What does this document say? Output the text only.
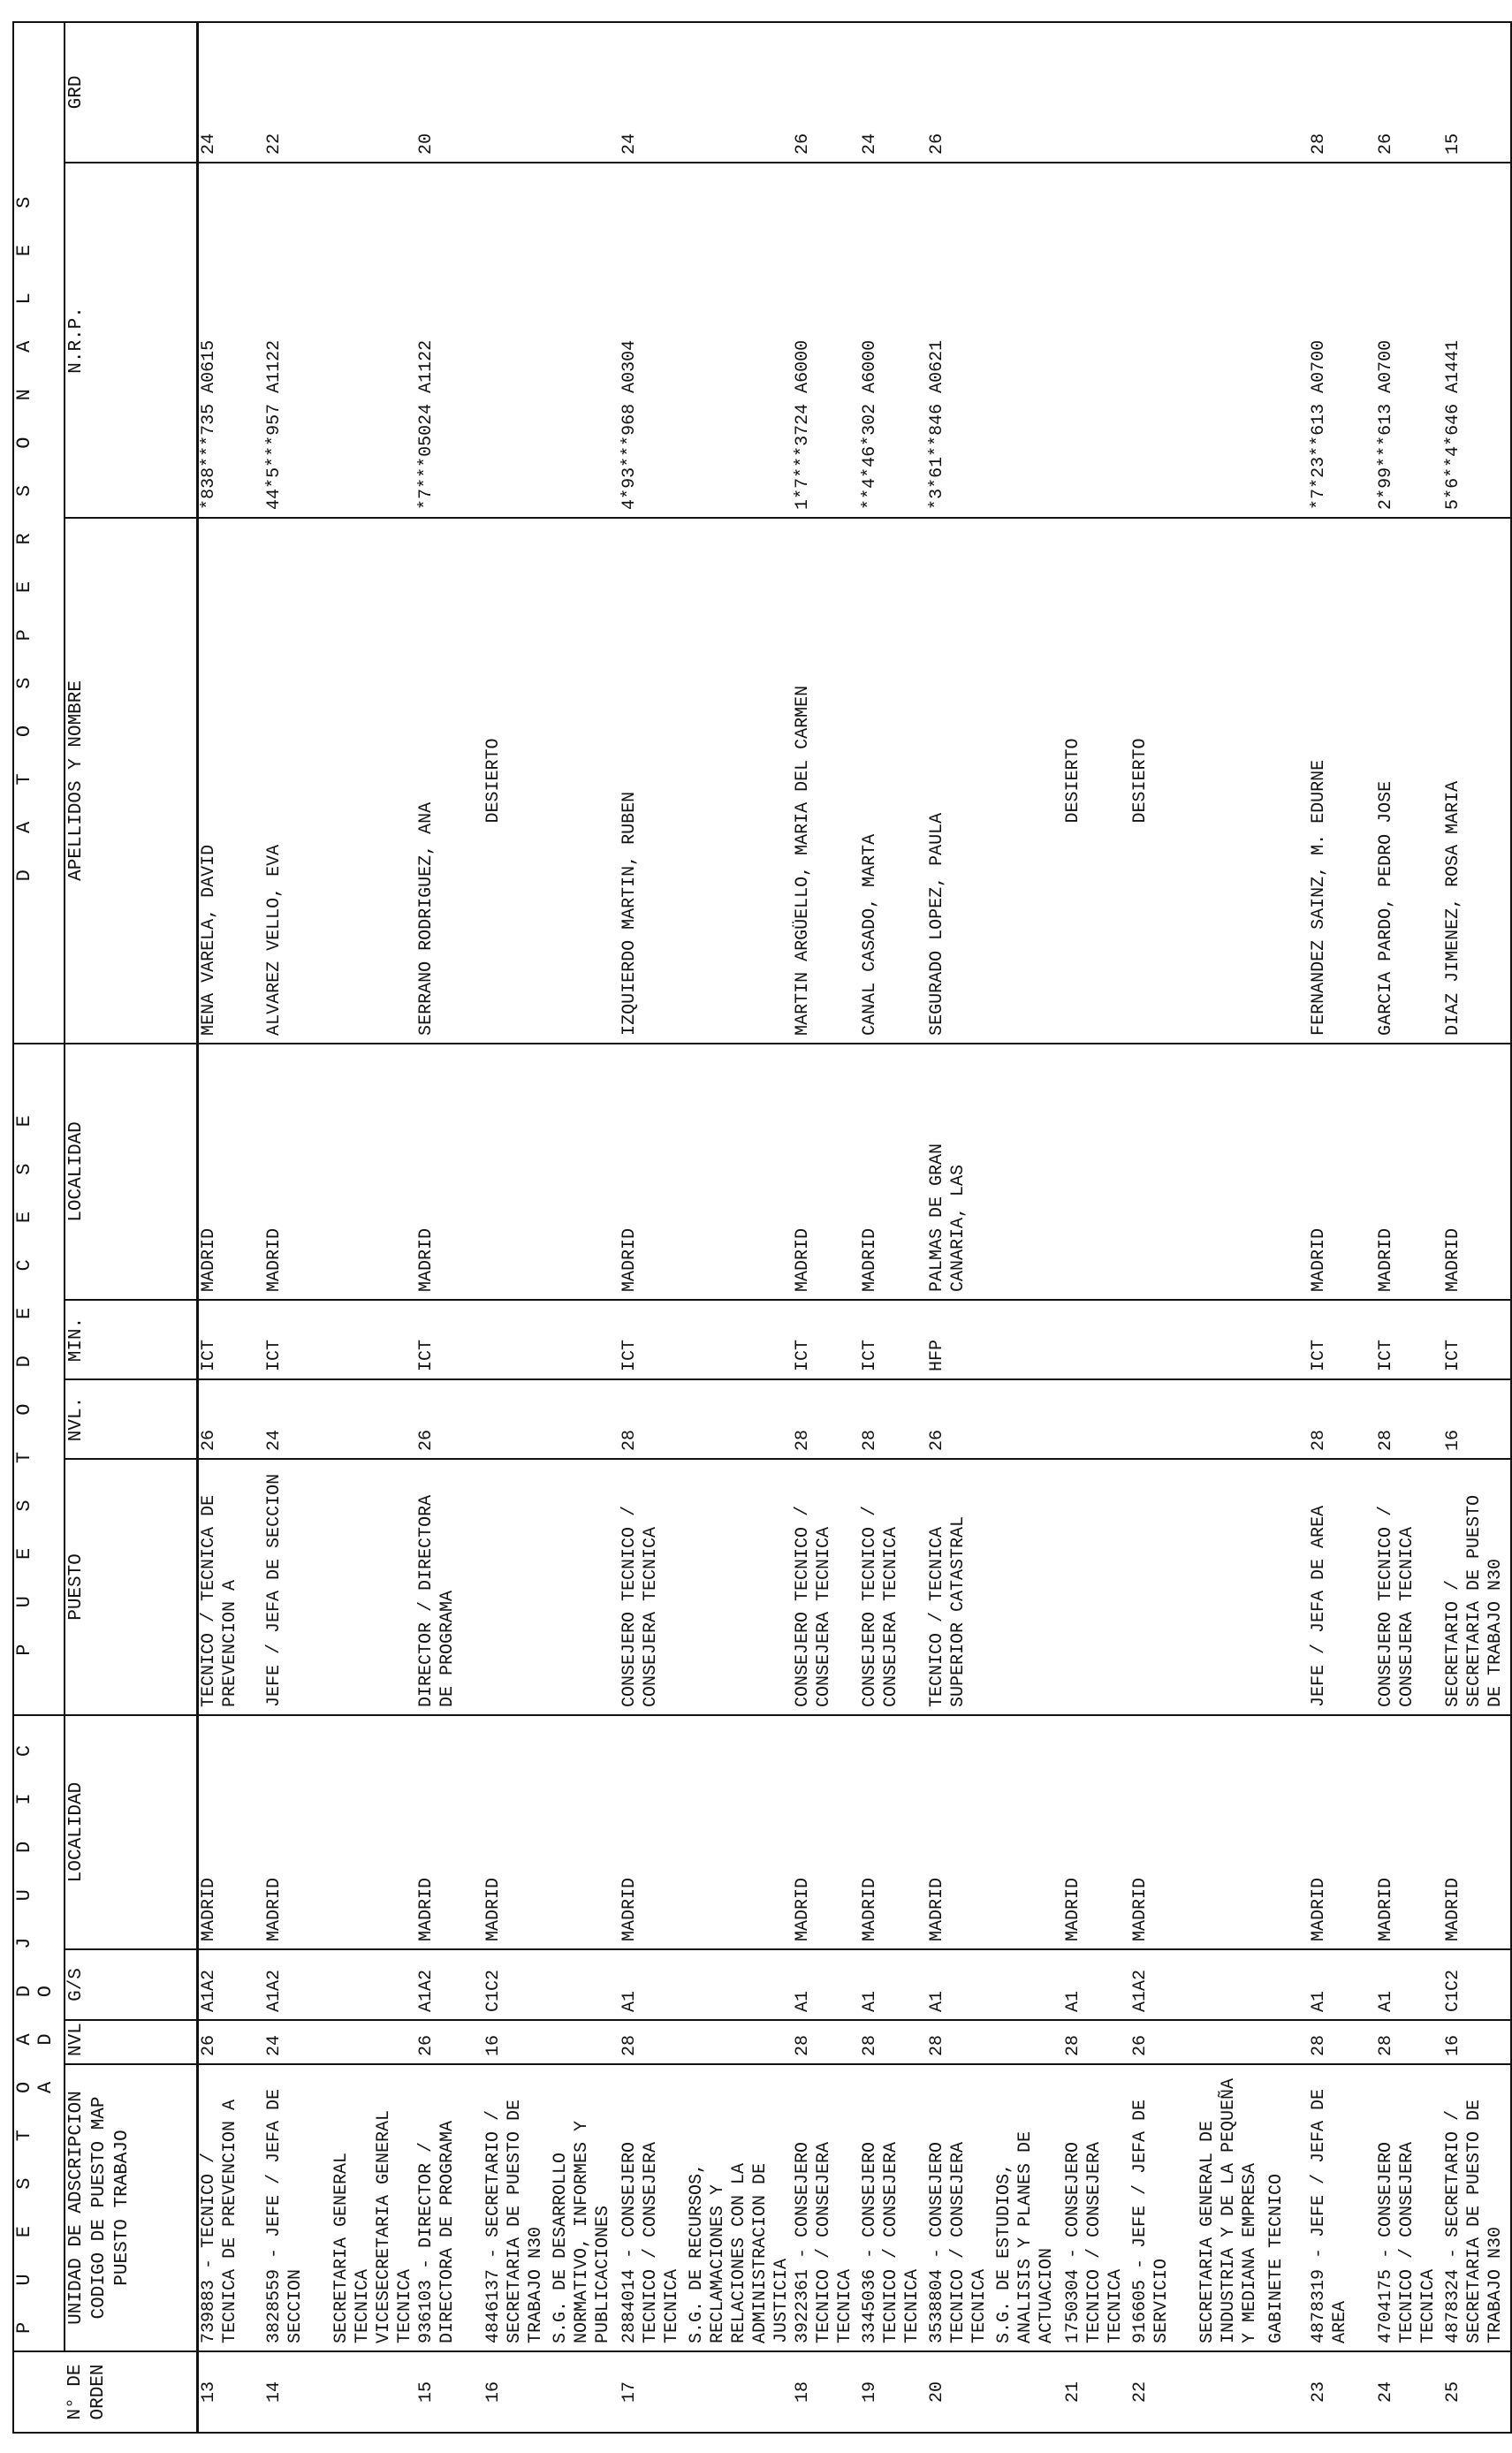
	P U E S T O A D J U D I C A D O				P U E S T O D E C E S E				D A T O S P E R S O N A L E S		
N° DE ORDEN	UNIDAD DE ADSCRIPCION CODIGO DE PUESTO MAP PUESTO TRABAJO	NVL	G/S	LOCALIDAD	PUESTO	NVL.	MIN.	LOCALIDAD	APELLIDOS Y NOMBRE	N.R.P.	GRD
13	739883 - TECNICO / TECNICA DE PREVENCION A	26	A1A2	MADRID	TECNICO / TECNICA DE PREVENCION A	26	ICT	MADRID	MENA VARELA, DAVID	*838***735 A0615	24
14	3828559 - JEFE / JEFA DE SECCION	24	A1A2	MADRID	JEFE / JEFA DE SECCION	24	ICT	MADRID	ALVAREZ VELLO, EVA	44*5***957 A1122	22
	SECRETARIA GENERAL TECNICA										
	VICESECRETARIA GENERAL TECNICA										
15	936103 - DIRECTOR / DIRECTORA DE PROGRAMA	26	A1A2	MADRID	DIRECTOR / DIRECTORA DE PROGRAMA	26	ICT	MADRID	SERRANO RODRIGUEZ, ANA	*7***05024 A1122	20
16	4846137 - SECRETARIO / SECRETARIA DE PUESTO DE TRABAJO N30	16	C1C2	MADRID					DESIERTO		
	S.G. DE DESARROLLO NORMATIVO, INFORMES Y PUBLICACIONES										
17	2884014 - CONSEJERO TECNICO / CONSEJERA TECNICA	28	A1	MADRID	CONSEJERO TECNICO / CONSEJERA TECNICA	28	ICT	MADRID	IZQUIERDO MARTIN, RUBEN	4*93***968 A0304	24
	S.G. DE RECURSOS, RECLAMACIONES Y RELACIONES CON LA ADMINISTRACION DE JUSTICIA										
18	3922361 - CONSEJERO TECNICO / CONSEJERA TECNICA	28	A1	MADRID	CONSEJERO TECNICO / CONSEJERA TECNICA	28	ICT	MADRID	MARTIN ARGÜELLO, MARIA DEL CARMEN	1*7***3724 A6000	26
19	3345036 - CONSEJERO TECNICO / CONSEJERA TECNICA	28	A1	MADRID	CONSEJERO TECNICO / CONSEJERA TECNICA	28	ICT	MADRID	CANAL CASADO, MARTA	**4*46*302 A6000	24
20	3538804 - CONSEJERO TECNICO / CONSEJERA TECNICA	28	A1	MADRID	TECNICO / TECNICA SUPERIOR CATASTRAL	26	HFP	PALMAS DE GRAN CANARIA, LAS	SEGURADO LOPEZ, PAULA	*3*61**846 A0621	26
	S.G. DE ESTUDIOS, ANALISIS Y PLANES DE ACTUACION										
21	1750304 - CONSEJERO TECNICO / CONSEJERA TECNICA	28	A1	MADRID					DESIERTO		
22	916605 - JEFE / JEFA DE SERVICIO	26	A1A2	MADRID					DESIERTO		
	SECRETARIA GENERAL DE INDUSTRIA Y DE LA PEQUEÑA Y MEDIANA EMPRESA										
	GABINETE TECNICO										
23	4878319 - JEFE / JEFA DE AREA	28	A1	MADRID	JEFE / JEFA DE AREA	28	ICT	MADRID	FERNANDEZ SAINZ, M. EDURNE	*7*23**613 A0700	28
24	4704175 - CONSEJERO TECNICO / CONSEJERA TECNICA	28	A1	MADRID	CONSEJERO TECNICO / CONSEJERA TECNICA	28	ICT	MADRID	GARCIA PARDO, PEDRO JOSE	2*99***613 A0700	26
25	4878324 - SECRETARIO / SECRETARIA DE PUESTO DE TRABAJO N30	16	C1C2	MADRID	SECRETARIO / SECRETARIA DE PUESTO DE TRABAJO N30	16	ICT	MADRID	DIAZ JIMENEZ, ROSA MARIA	5*6**4*646 A1441	15
